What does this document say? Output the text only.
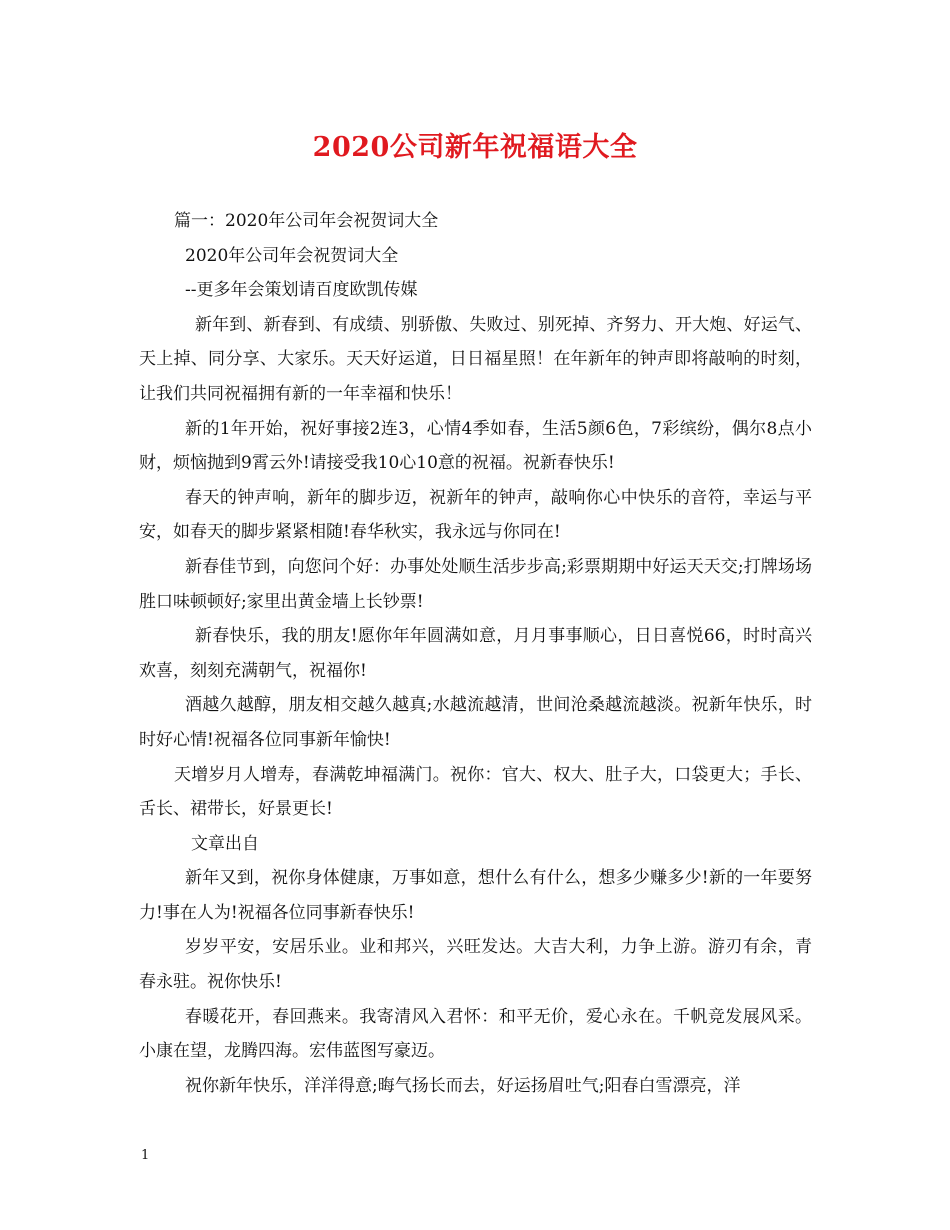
2020公司新年祝福语大全

篇一：2020年公司年会祝贺词大全

2020年公司年会祝贺词大全

--更多年会策划请百度欧凯传媒

新年到、新春到、有成绩、别骄傲、失败过、别死掉、齐努力、开大炮、好运气、天上掉、同分享、大家乐。天天好运道，日日福星照！在年新年的钟声即将敲响的时刻，让我们共同祝福拥有新的一年幸福和快乐！

新的1年开始，祝好事接2连3，心情4季如春，生活5颜6色，7彩缤纷，偶尔8点小财，烦恼抛到9霄云外!请接受我10心10意的祝福。祝新春快乐!

春天的钟声响，新年的脚步迈，祝新年的钟声，敲响你心中快乐的音符，幸运与平安，如春天的脚步紧紧相随!春华秋实，我永远与你同在!

新春佳节到，向您问个好：办事处处顺生活步步高;彩票期期中好运天天交;打牌场场胜口味顿顿好;家里出黄金墙上长钞票!

新春快乐，我的朋友!愿你年年圆满如意，月月事事顺心，日日喜悦66，时时高兴欢喜，刻刻充满朝气，祝福你!

酒越久越醇，朋友相交越久越真;水越流越清，世间沧桑越流越淡。祝新年快乐，时时好心情!祝福各位同事新年愉快!

天增岁月人增寿，春满乾坤福满门。祝你：官大、权大、肚子大，口袋更大；手长、舌长、裙带长，好景更长!

文章出自

新年又到，祝你身体健康，万事如意，想什么有什么，想多少赚多少!新的一年要努力!事在人为!祝福各位同事新春快乐!

岁岁平安，安居乐业。业和邦兴，兴旺发达。大吉大利，力争上游。游刃有余，青春永驻。祝你快乐!

春暖花开，春回燕来。我寄清风入君怀：和平无价，爱心永在。千帆竞发展风采。小康在望，龙腾四海。宏伟蓝图写豪迈。

祝你新年快乐，洋洋得意;晦气扬长而去，好运扬眉吐气;阳春白雪漂亮，洋

1
